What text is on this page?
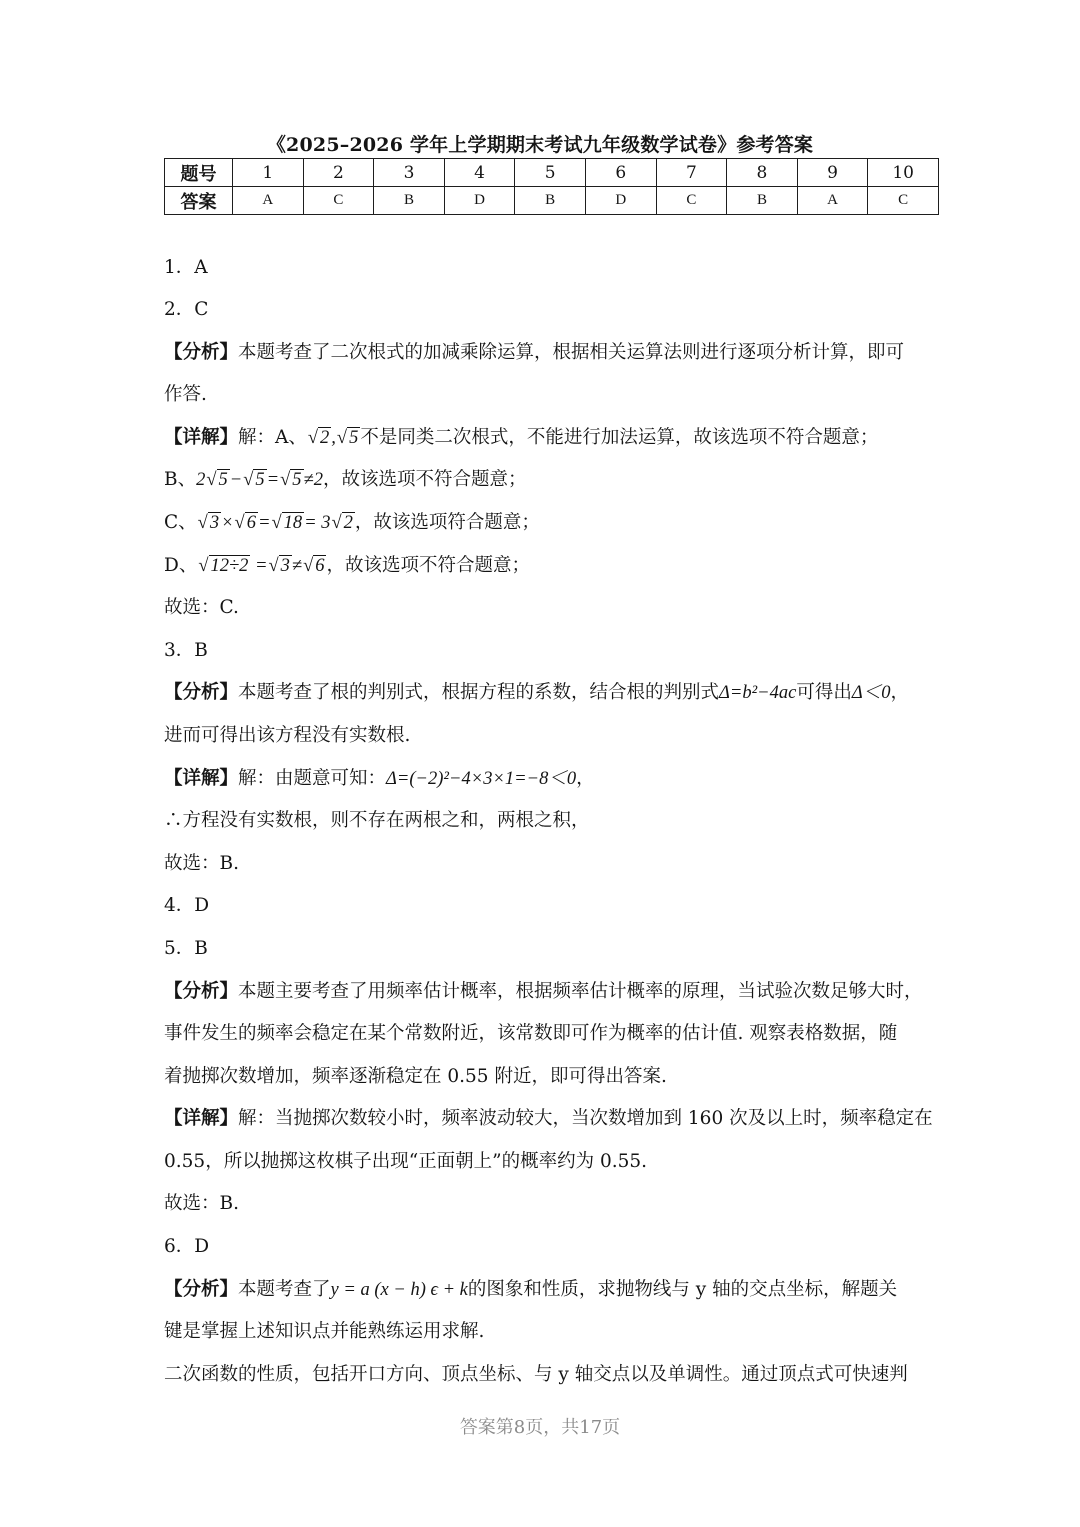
《2025–2026 学年上学期期末考试九年级数学试卷》参考答案
题号	1	2	3	4	5	6	7	8	9	10
答案	A	C	B	D	B	D	C	B	A	C
1．A
2．C
【分析】本题考查了二次根式的加减乘除运算，根据相关运算法则进行逐项分析计算，即可
作答.
【详解】解：A、√ 2 ,√ 5 不是同类二次根式，不能进行加法运算，故该选项不符合题意；
B、2√ 5 −√ 5 =√ 5 ≠2，故该选项不符合题意；
C、√ 3 ×√ 6 =√ 18 = 3√ 2 ，故该选项符合题意；
D、√ 12÷2 =√ 3 ≠√ 6 ，故该选项不符合题意；
故选：C.
3．B
【分析】本题考查了根的判别式，根据方程的系数，结合根的判别式Δ=b²−4ac可得出Δ＜0，
进而可得出该方程没有实数根.
【详解】解：由题意可知：Δ=(−2)²−4×3×1=−8＜0，
∴方程没有实数根，则不存在两根之和，两根之积，
故选：B.
4．D
5．B
【分析】本题主要考查了用频率估计概率，根据频率估计概率的原理，当试验次数足够大时，
事件发生的频率会稳定在某个常数附近，该常数即可作为概率的估计值. 观察表格数据，随
着抛掷次数增加，频率逐渐稳定在 0.55 附近，即可得出答案.
【详解】解：当抛掷次数较小时，频率波动较大，当次数增加到 160 次及以上时，频率稳定在
0.55，所以抛掷这枚棋子出现“正面朝上”的概率约为 0.55.
故选：B.
6．D
【分析】本题考查了y = a (x − h) ϵ + k的图象和性质，求抛物线与 y 轴的交点坐标，解题关
键是掌握上述知识点并能熟练运用求解.
二次函数的性质，包括开口方向、顶点坐标、与 y 轴交点以及单调性。通过顶点式可快速判
答案第8页，共17页
